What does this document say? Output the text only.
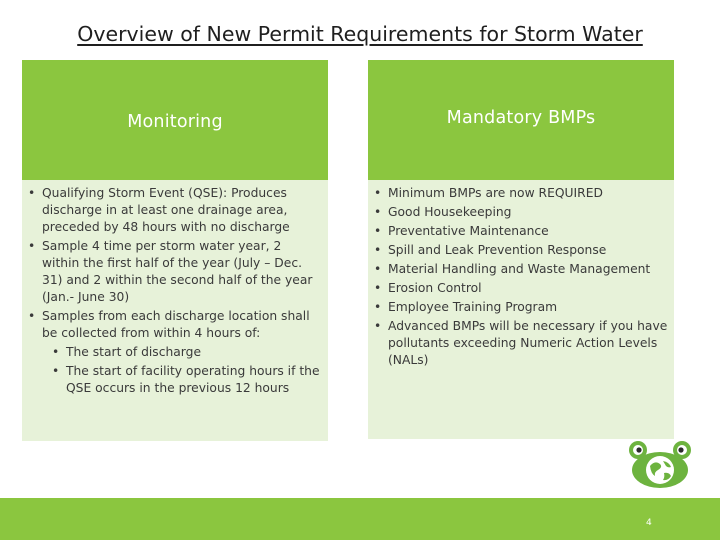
Overview of New Permit Requirements for Storm Water
Monitoring
• Qualifying Storm Event (QSE): Produces discharge in at least one drainage area, preceded by 48 hours with no discharge
• Sample 4 time per storm water year, 2 within the first half of the year (July – Dec. 31) and 2 within the second half of the year (Jan.- June 30)
• Samples from each discharge location shall be collected from within 4 hours of:
• The start of discharge
• The start of facility operating hours if the QSE occurs in the previous 12 hours
Mandatory BMPs
• Minimum BMPs are now REQUIRED
• Good Housekeeping
• Preventative Maintenance
• Spill and Leak Prevention Response
• Material Handling and Waste Management
• Erosion Control
• Employee Training Program
• Advanced BMPs will be necessary if you have pollutants exceeding Numeric Action Levels (NALs)
4
